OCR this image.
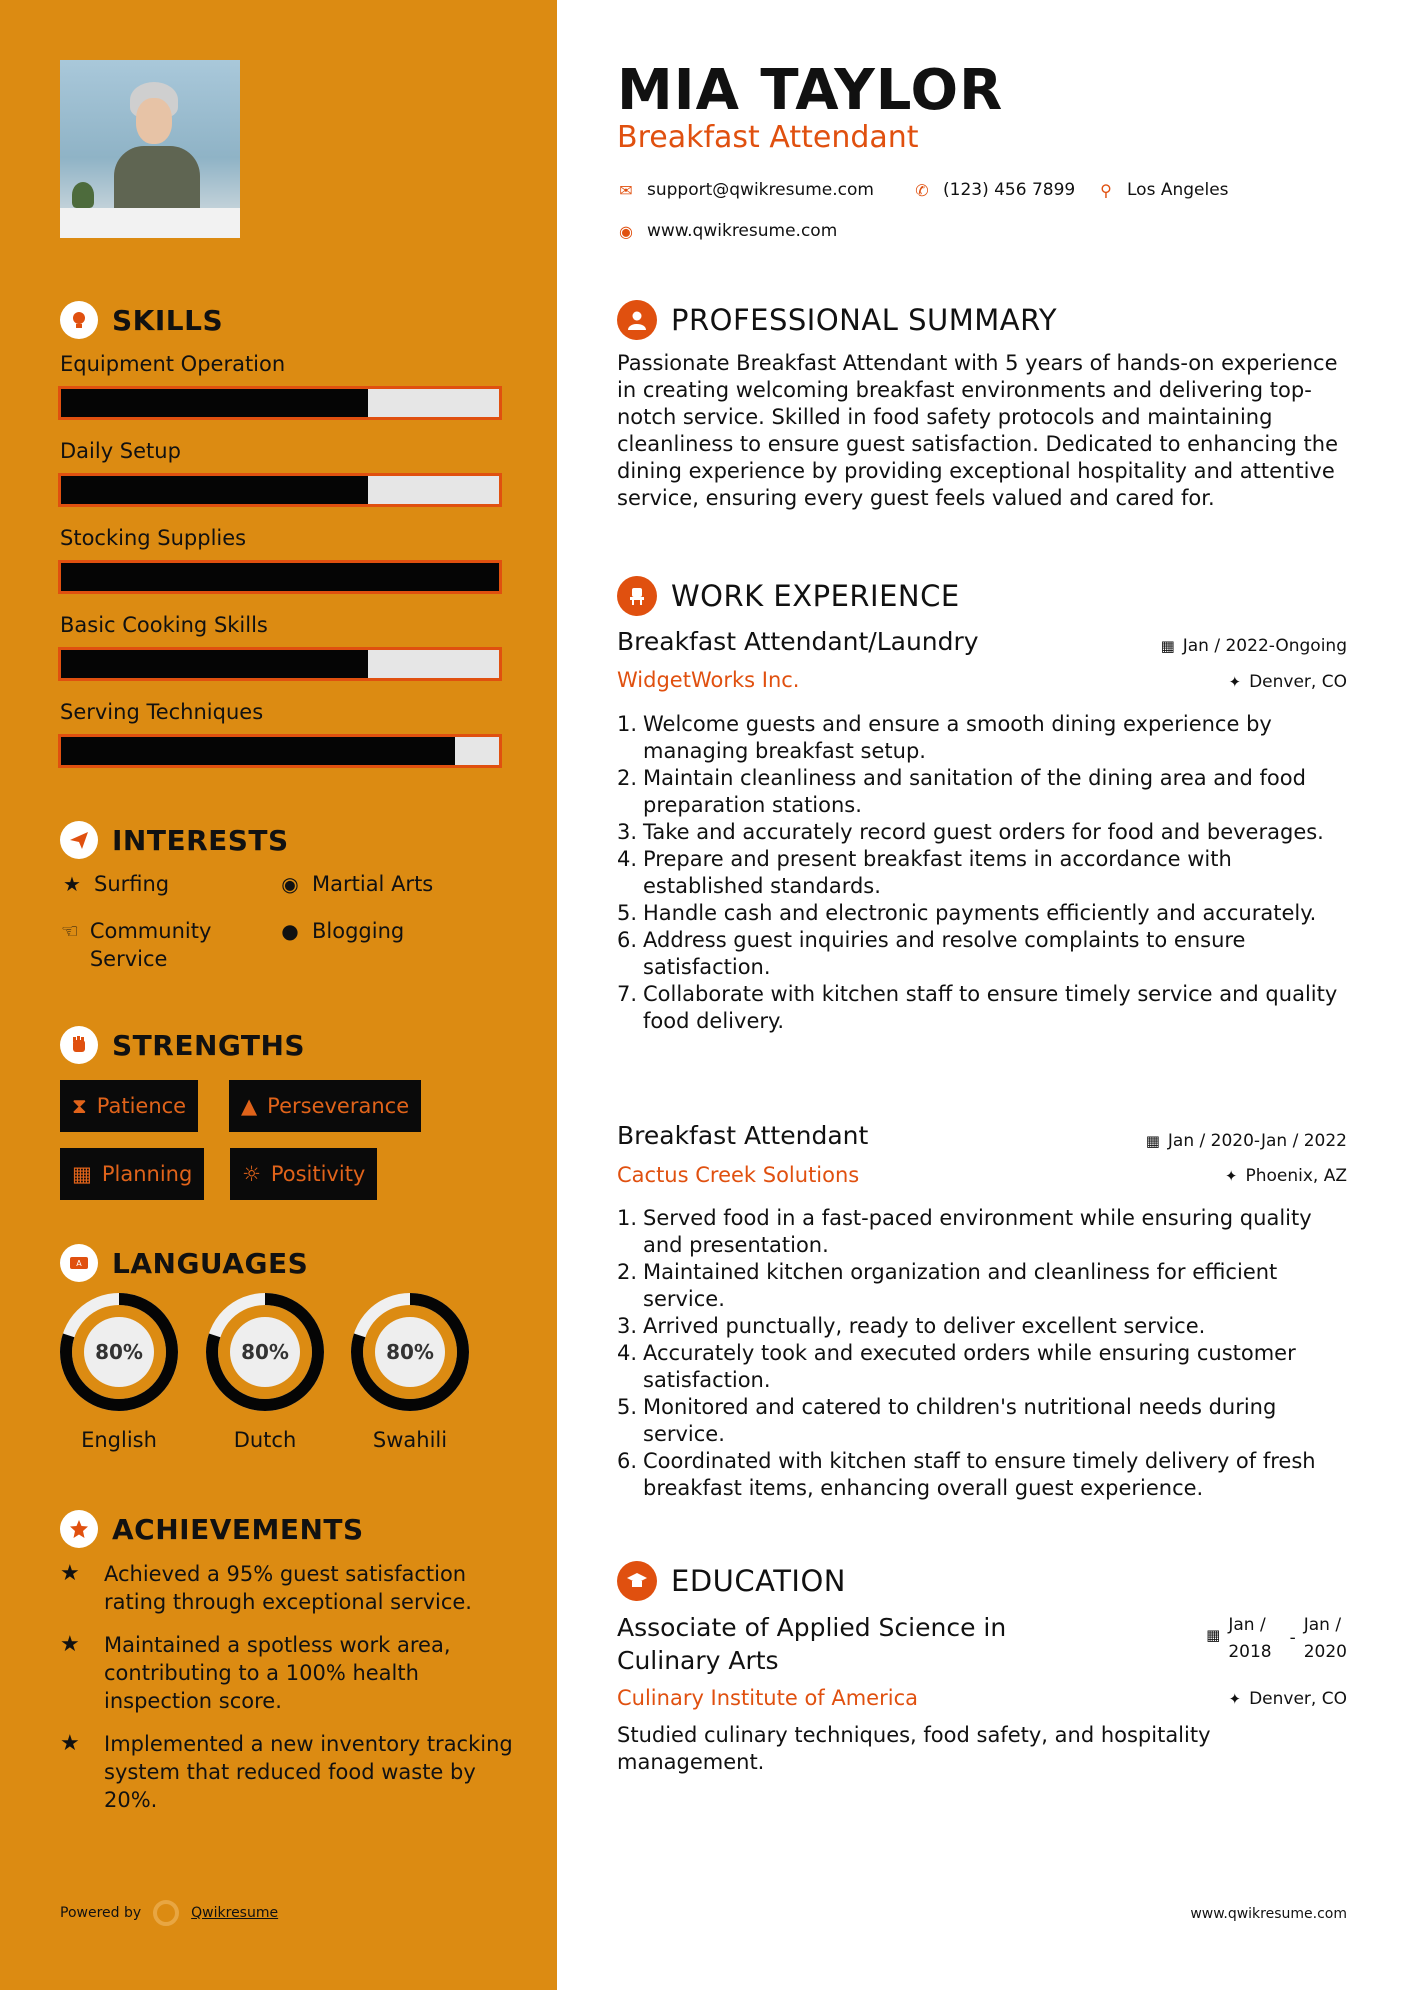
SKILLS
Equipment Operation
Daily Setup
Stocking Supplies
Basic Cooking Skills
Serving Techniques
INTERESTS
★ Surfing	◉ Martial Arts
☜ Community Service
● Blogging
STRENGTHS
⧗ Patience	▲ Perseverance
▦ Planning ☼ Positivity
A LANGUAGES
80%
English
80%
Dutch
80%
Swahili
ACHIEVEMENTS
★	Achieved a 95% guest satisfaction rating through exceptional service.
★	Maintained a spotless work area, contributing to a 100% health inspection score.
★	Implemented a new inventory tracking system that reduced food waste by 20%.
Powered by	Qwikresume
MIA TAYLOR
Breakfast Attendant
✉ support@qwikresume.com	✆ (123) 456 7899 ⚲ Los Angeles
◉ www.qwikresume.com
PROFESSIONAL SUMMARY
Passionate Breakfast Attendant with 5 years of hands-on experience in creating welcoming breakfast environments and delivering top-notch service. Skilled in food safety protocols and maintaining cleanliness to ensure guest satisfaction. Dedicated to enhancing the dining experience by providing exceptional hospitality and attentive service, ensuring every guest feels valued and cared for.
WORK EXPERIENCE
Breakfast Attendant/Laundry	▦ Jan / 2022-Ongoing
WidgetWorks Inc.	✦ Denver, CO
1. Welcome guests and ensure a smooth dining experience by managing breakfast setup.
2. Maintain cleanliness and sanitation of the dining area and food preparation stations.
3. Take and accurately record guest orders for food and beverages.
4. Prepare and present breakfast items in accordance with established standards.
5. Handle cash and electronic payments efficiently and accurately.
6. Address guest inquiries and resolve complaints to ensure satisfaction.
7. Collaborate with kitchen staff to ensure timely service and quality food delivery.
Breakfast Attendant	▦ Jan / 2020-Jan / 2022
Cactus Creek Solutions	✦ Phoenix, AZ
1. Served food in a fast-paced environment while ensuring quality and presentation.
2. Maintained kitchen organization and cleanliness for efficient service.
3. Arrived punctually, ready to deliver excellent service.
4. Accurately took and executed orders while ensuring customer satisfaction.
5. Monitored and catered to children's nutritional needs during service.
6. Coordinated with kitchen staff to ensure timely delivery of fresh breakfast items, enhancing overall guest experience.
EDUCATION
Associate of Applied Science in
Culinary Arts
▦ Jan /
2018
-
Jan /
2020
Culinary Institute of America	✦ Denver, CO
Studied culinary techniques, food safety, and hospitality management.
www.qwikresume.com
